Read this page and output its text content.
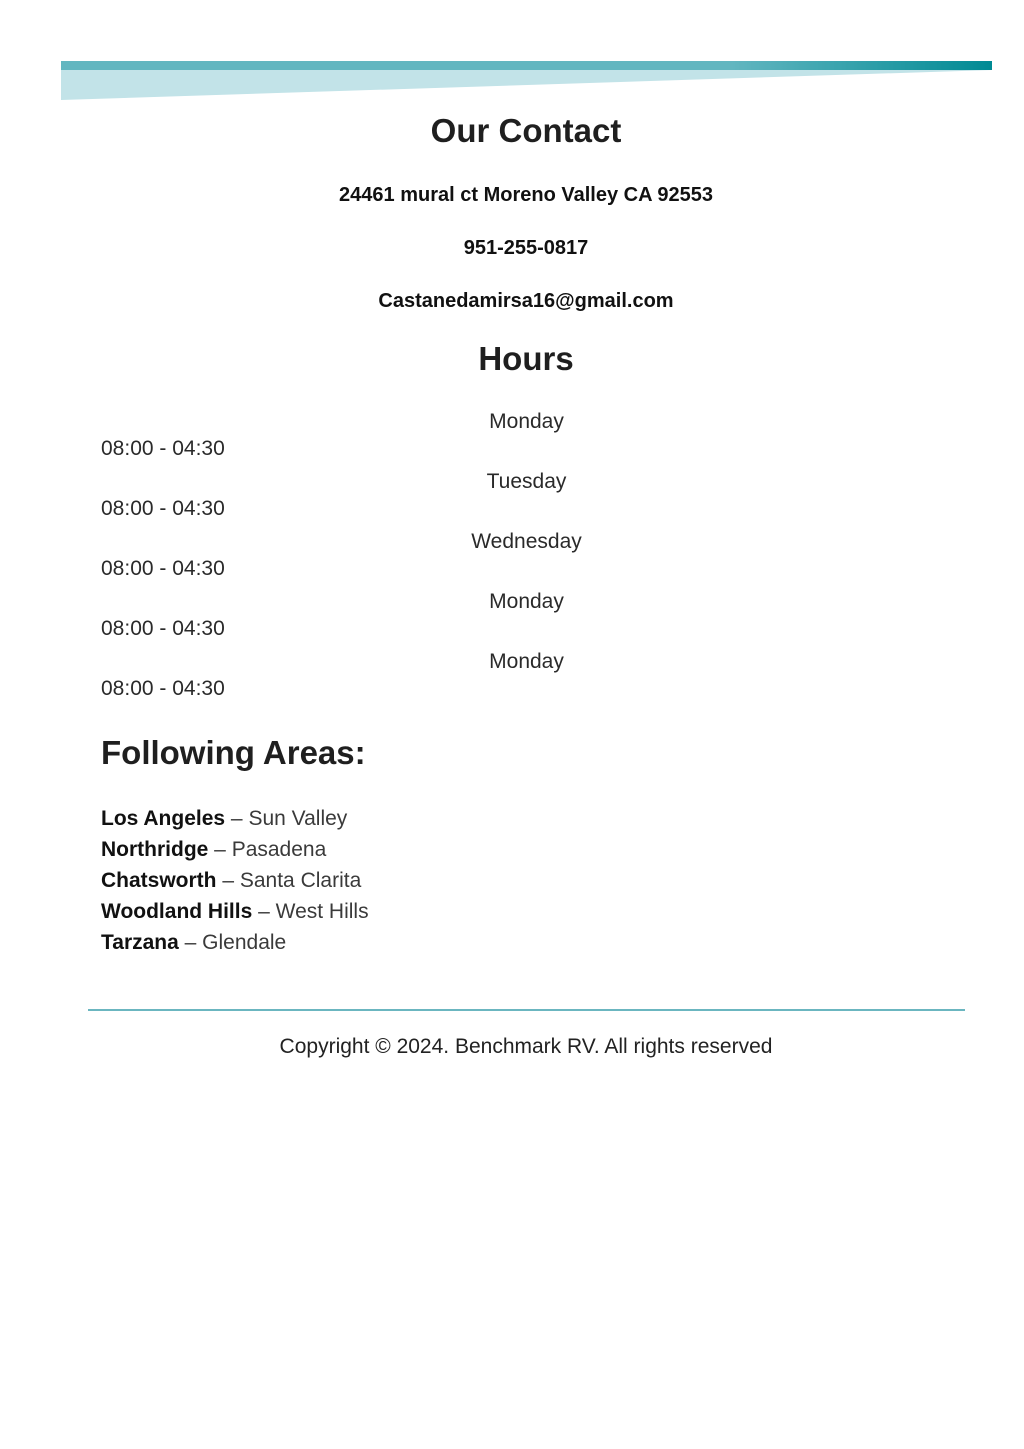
Our Contact

24461 mural ct Moreno Valley CA 92553

951-255-0817

Castanedamirsa16@gmail.com

Hours
Monday
08:00 - 04:30
Tuesday
08:00 - 04:30
Wednesday
08:00 - 04:30
Monday
08:00 - 04:30
Monday
08:00 - 04:30
Following Areas:
Los Angeles – Sun Valley
Northridge – Pasadena
Chatsworth – Santa Clarita
Woodland Hills – West Hills
Tarzana – Glendale

Copyright © 2024. Benchmark RV. All rights reserved
